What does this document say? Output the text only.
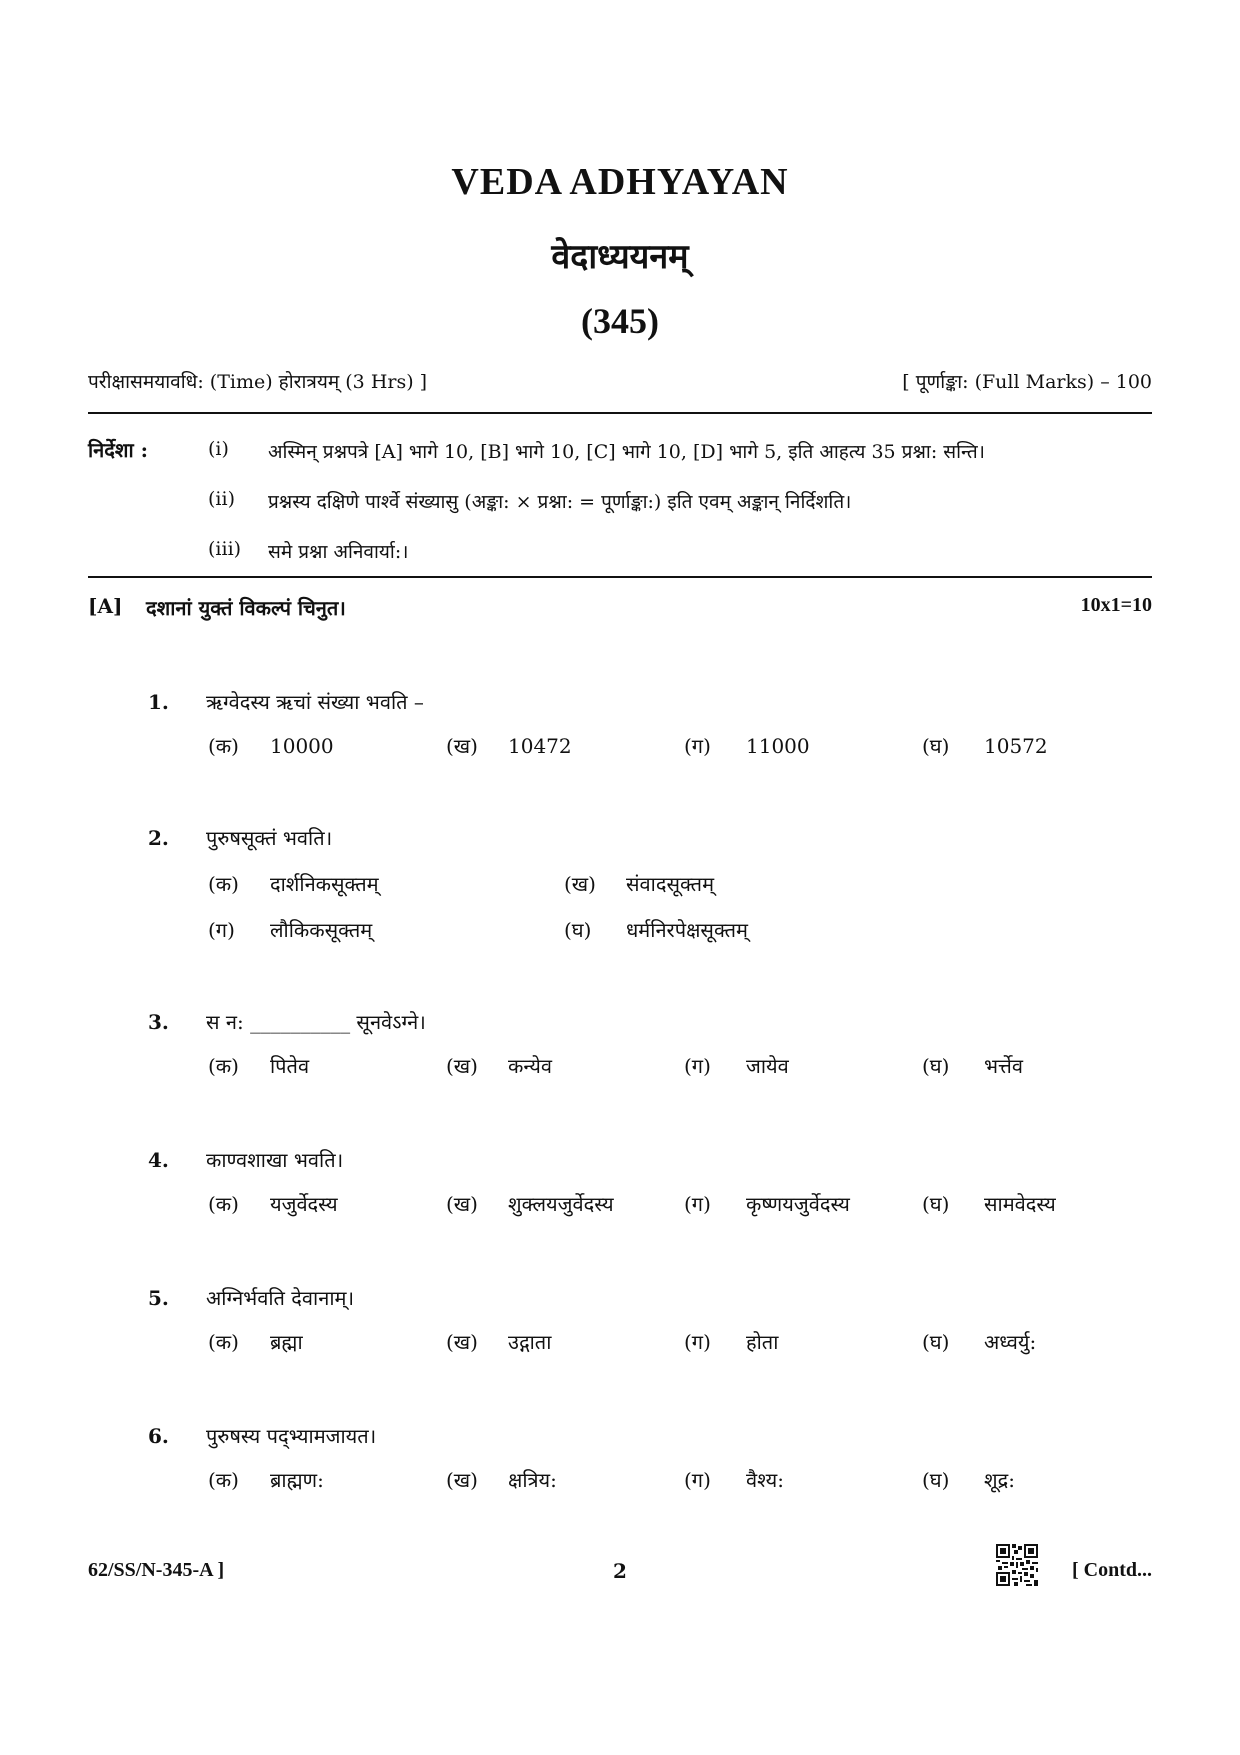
VEDA ADHYAYAN
वेदाध्ययनम्
(345)
परीक्षासमयावधि: (Time) होरात्रयम् (3 Hrs) ]	[ पूर्णाङ्का: (Full Marks) – 100
निर्देशा :	(i)	अस्मिन् प्रश्नपत्रे [A] भागे 10, [B] भागे 10, [C] भागे 10, [D] भागे 5, इति आहत्य 35 प्रश्ना: सन्ति।
(ii)	प्रश्नस्य दक्षिणे पार्श्वे संख्यासु (अङ्का: × प्रश्ना: = पूर्णाङ्का:) इति एवम् अङ्कान् निर्दिशति।
(iii)	समे प्रश्ना अनिवार्या:।
[A] दशानां युक्तं विकल्पं चिनुत।	10x1=10
1. ऋग्वेदस्य ऋचां संख्या भवति –
(क) 10000	(ख) 10472	(ग) 11000	(घ) 10572
2. पुरुषसूक्तं भवति।
(क) दार्शनिकसूक्तम्	(ख) संवादसूक्तम्
(ग) लौकिकसूक्तम्	(घ) धर्मनिरपेक्षसूक्तम्
3. स न: __________ सूनवेऽग्ने।
(क) पितेव	(ख) कन्येव	(ग) जायेव	(घ) भर्त्तेव
4. काण्वशाखा भवति।
(क) यजुर्वेदस्य	(ख) शुक्लयजुर्वेदस्य	(ग) कृष्णयजुर्वेदस्य	(घ) सामवेदस्य
5. अग्निर्भवति देवानाम्।
(क) ब्रह्मा	(ख) उद्गाता	(ग) होता	(घ) अध्वर्यु:
6. पुरुषस्य पद्भ्यामजायत।
(क) ब्राह्मण:	(ख) क्षत्रिय:	(ग) वैश्य:	(घ) शूद्र:
62/SS/N-345-A ]	2	[ Contd...
